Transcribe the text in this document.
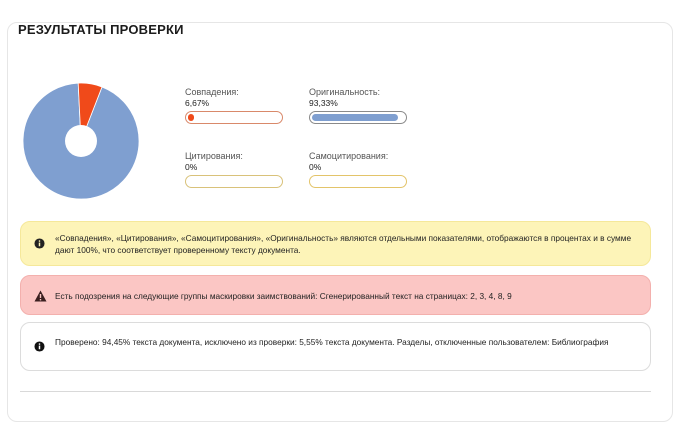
РЕЗУЛЬТАТЫ ПРОВЕРКИ
Совпадения:
6,67%
Оригинальность:
93,33%
Цитирования:
0%
Самоцитирования:
0%
«Совпадения», «Цитирования», «Самоцитирования», «Оригинальность» являются отдельными показателями, отображаются в процентах и в сумме дают 100%, что соответствует проверенному тексту документа.
Есть подозрения на следующие группы маскировки заимствований: Сгенерированный текст на страницах: 2, 3, 4, 8, 9
Проверено: 94,45% текста документа, исключено из проверки: 5,55% текста документа. Разделы, отключенные пользователем: Библиография
